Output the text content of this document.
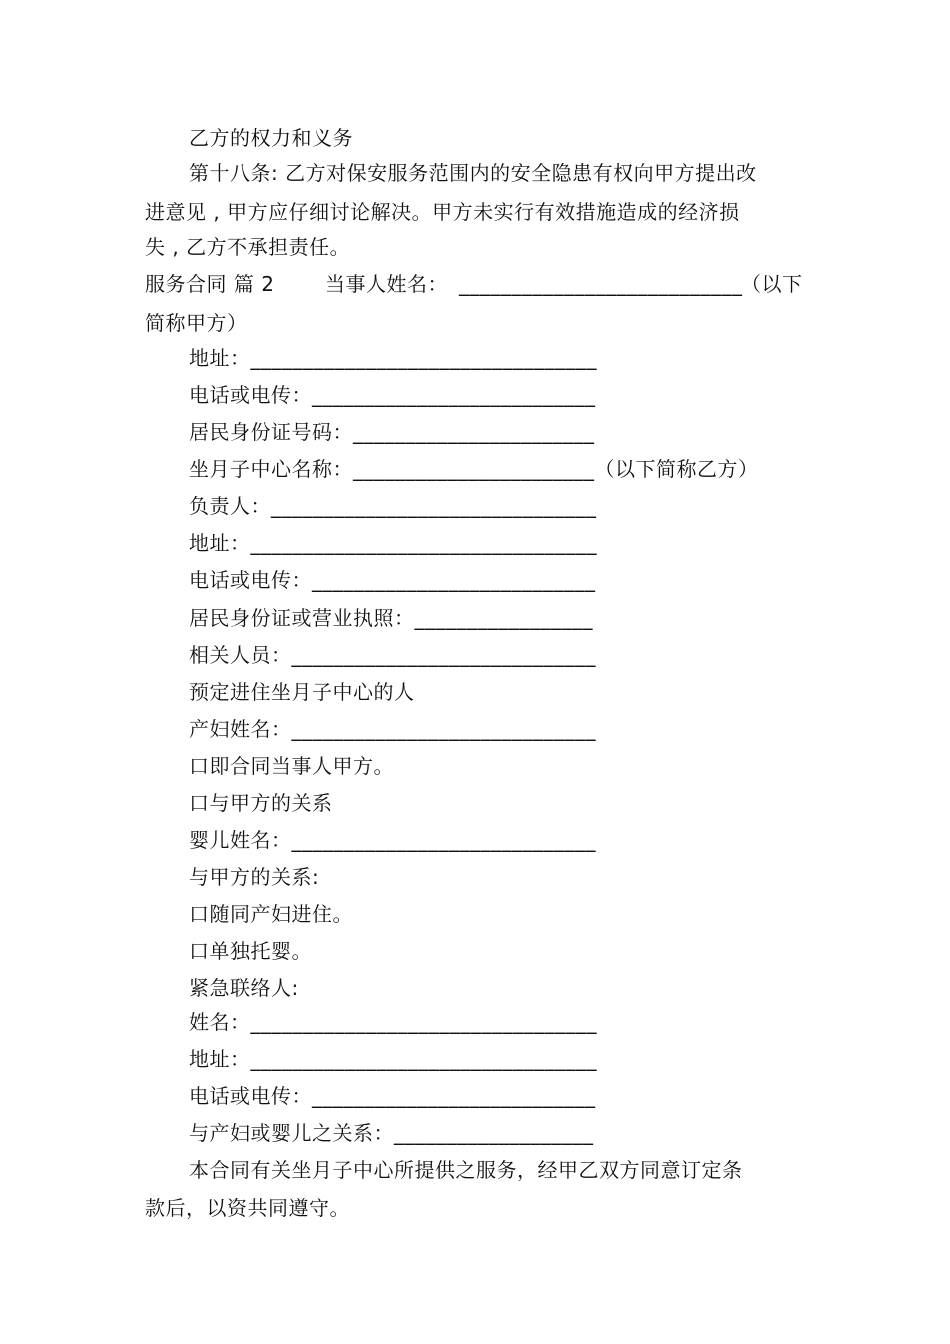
乙方的权力和义务
第十八条: 乙方对保安服务范围内的安全隐患有权向甲方提出改
进意见 , 甲方应仔细讨论解决。甲方未实行有效措施造成的经济损
失 , 乙方不承担责任。
服务合同 篇 2	当事人姓名： ___________________________
（以下
简称甲方）
地址：_________________________________
电话或电传：___________________________
居民身份证号码：_______________________
坐月子中心名称：_______________________（以下简称乙方）
负责人：_______________________________
地址：_________________________________
电话或电传：___________________________
居民身份证或营业执照：_________________
相关人员：_____________________________
预定进住坐月子中心的人
产妇姓名：_____________________________
口即合同当事人甲方。
口与甲方的关系
婴儿姓名：_____________________________
与甲方的关系:
口随同产妇进住。
口单独托婴。
紧急联络人:
姓名：_________________________________
地址：_________________________________
电话或电传：___________________________
与产妇或婴儿之关系：___________________
本合同有关坐月子中心所提供之服务，经甲乙双方同意订定条
款后，以资共同遵守。
